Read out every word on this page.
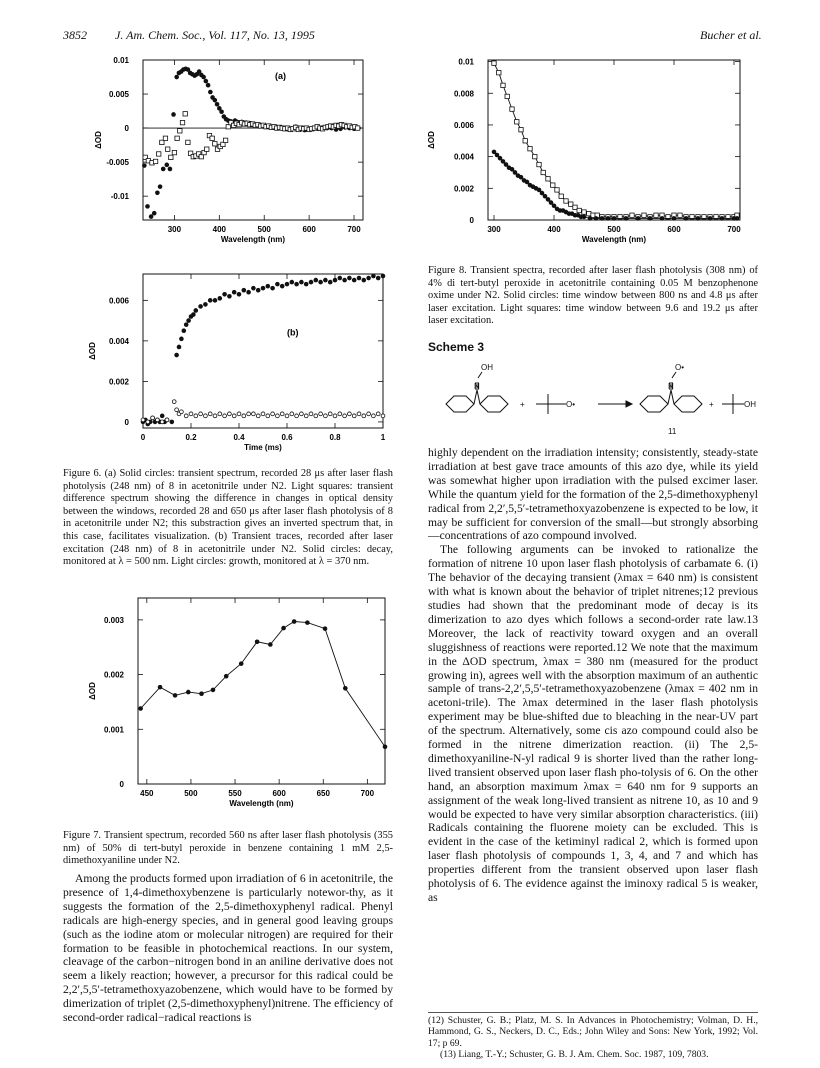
3852 J. Am. Chem. Soc., Vol. 117, No. 13, 1995	Bucher et al.
300	400	500	600	700
0.01
0.005
0
-0.005
-0.01
Wavelength (nm)
ΔOD
(a)
0	0.2	0.4	0.6	0.8	1
0.006
0.004
0.002
0
Time (ms)
ΔOD
(b)
Figure 6. (a) Solid circles: transient spectrum, recorded 28 μs after laser flash photolysis (248 nm) of 8 in acetonitrile under N2. Light squares: transient difference spectrum showing the difference in changes in optical density between the windows, recorded 28 and 650 μs after laser flash photolysis of 8 in acetonitrile under N2; this substraction gives an inverted spectrum that, in this case, facilitates visualization. (b) Transient traces, recorded after laser excitation (248 nm) of 8 in acetonitrile under N2. Solid circles: decay, monitored at λ = 500 nm. Light circles: growth, monitored at λ = 370 nm.
450	500	550	600	650	700
0.003
0.002
0.001
0
Wavelength (nm)
ΔOD
Figure 7. Transient spectrum, recorded 560 ns after laser flash photolysis (355 nm) of 50% di tert-butyl peroxide in benzene containing 1 mM 2,5-dimethoxyaniline under N2.

Among the products formed upon irradiation of 6 in acetonitrile, the presence of 1,4-dimethoxybenzene is particularly notewor-thy, as it suggests the formation of the 2,5-dimethoxyphenyl radical. Phenyl radicals are high-energy species, and in general good leaving groups (such as the iodine atom or molecular nitrogen) are required for their formation to be feasible in photochemical reactions. In our system, cleavage of the carbon−nitrogen bond in an aniline derivative does not seem a likely reaction; however, a precursor for this radical could be 2,2′,5,5′-tetramethoxyazobenzene, which would have to be formed by dimerization of triplet (2,5-dimethoxyphenyl)nitrene. The efficiency of second-order radical−radical reactions is

300	400	500	600	700
0.01
0.008
0.006
0.004
0.002
0
Wavelength (nm)
ΔOD
Figure 8. Transient spectra, recorded after laser flash photolysis (308 nm) of 4% di tert-butyl peroxide in acetonitrile containing 0.05 M benzophenone oxime under N2. Solid circles: time window between 800 ns and 4.8 μs after laser excitation. Light squares: time window between 9.6 and 19.2 μs after laser excitation.
Scheme 3
N
OH
+	O•
N
O•
+	OH
11

highly dependent on the irradiation intensity; consistently, steady-state irradiation at best gave trace amounts of this azo dye, while its yield was somewhat higher upon irradiation with the pulsed excimer laser. While the quantum yield for the formation of the 2,5-dimethoxyphenyl radical from 2,2′,5,5′-tetramethoxyazobenzene is expected to be low, it may be sufficient for conversion of the small—but strongly absorbing—concentrations of azo compound involved.

The following arguments can be invoked to rationalize the formation of nitrene 10 upon laser flash photolysis of carbamate 6. (i) The behavior of the decaying transient (λmax = 640 nm) is consistent with what is known about the behavior of triplet nitrenes;12 previous studies had shown that the predominant mode of decay is its dimerization to azo dyes which follows a second-order rate law.13 Moreover, the lack of reactivity toward oxygen and an overall sluggishness of reactions were reported.12 We note that the maximum in the ΔOD spectrum, λmax = 380 nm (measured for the product growing in), agrees well with the absorption maximum of an authentic sample of trans-2,2′,5,5′-tetramethoxyazobenzene (λmax = 402 nm in acetoni-trile). The λmax determined in the laser flash photolysis experiment may be blue-shifted due to bleaching in the near-UV part of the spectrum. Alternatively, some cis azo compound could also be formed in the nitrene dimerization reaction. (ii) The 2,5-dimethoxyaniline-N-yl radical 9 is shorter lived than the rather long-lived transient observed upon laser flash pho-tolysis of 6. On the other hand, an absorption maximum λmax = 640 nm for 9 supports an assignment of the weak long-lived transient as nitrene 10, as 10 and 9 would be expected to have very similar absorption characteristics. (iii) Radicals containing the fluorene moiety can be excluded. This is evident in the case of the ketiminyl radical 2, which is formed upon laser flash photolysis of compounds 1, 3, 4, and 7 and which has properties different from the transient observed upon laser flash photolysis of 6. The evidence against the iminoxy radical 5 is weaker, as

(12) Schuster, G. B.; Platz, M. S. In Advances in Photochemistry; Volman, D. H., Hammond, G. S., Neckers, D. C., Eds.; John Wiley and Sons: New York, 1992; Vol. 17; p 69.

(13) Liang, T.-Y.; Schuster, G. B. J. Am. Chem. Soc. 1987, 109, 7803.
